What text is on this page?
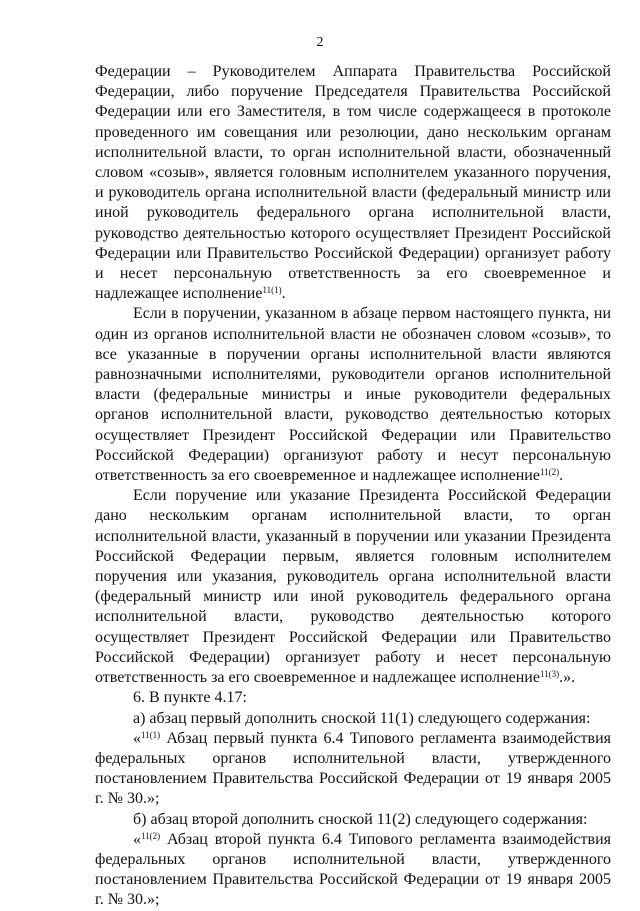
2

Федерации – Руководителем Аппарата Правительства Российской Федерации, либо поручение Председателя Правительства Российской Федерации или его Заместителя, в том числе содержащееся в протоколе проведенного им совещания или резолюции, дано нескольким органам исполнительной власти, то орган исполнительной власти, обозначенный словом «созыв», является головным исполнителем указанного поручения, и руководитель органа исполнительной власти (федеральный министр или иной руководитель федерального органа исполнительной власти, руководство деятельностью которого осуществляет Президент Российской Федерации или Правительство Российской Федерации) организует работу и несет персональную ответственность за его своевременное и надлежащее исполнение$^{11(1)}$.

Если в поручении, указанном в абзаце первом настоящего пункта, ни один из органов исполнительной власти не обозначен словом «созыв», то все указанные в поручении органы исполнительной власти являются равнозначными исполнителями, руководители органов исполнительной власти (федеральные министры и иные руководители федеральных органов исполнительной власти, руководство деятельностью которых осуществляет Президент Российской Федерации или Правительство Российской Федерации) организуют работу и несут персональную ответственность за его своевременное и надлежащее исполнение$^{11(2)}$.

Если поручение или указание Президента Российской Федерации дано нескольким органам исполнительной власти, то орган исполнительной власти, указанный в поручении или указании Президента Российской Федерации первым, является головным исполнителем поручения или указания, руководитель органа исполнительной власти (федеральный министр или иной руководитель федерального органа исполнительной власти, руководство деятельностью которого осуществляет Президент Российской Федерации или Правительство Российской Федерации) организует работу и несет персональную ответственность за его своевременное и надлежащее исполнение$^{11(3)}$.».

6. В пункте 4.17:

а) абзац первый дополнить сноской 11(1) следующего содержания:

«$^{11(1)}$ Абзац первый пункта 6.4 Типового регламента взаимодействия федеральных органов исполнительной власти, утвержденного постановлением Правительства Российской Федерации от 19 января 2005 г. № 30.»;

б) абзац второй дополнить сноской 11(2) следующего содержания:

«$^{11(2)}$ Абзац второй пункта 6.4 Типового регламента взаимодействия федеральных органов исполнительной власти, утвержденного постановлением Правительства Российской Федерации от 19 января 2005 г. № 30.»;
